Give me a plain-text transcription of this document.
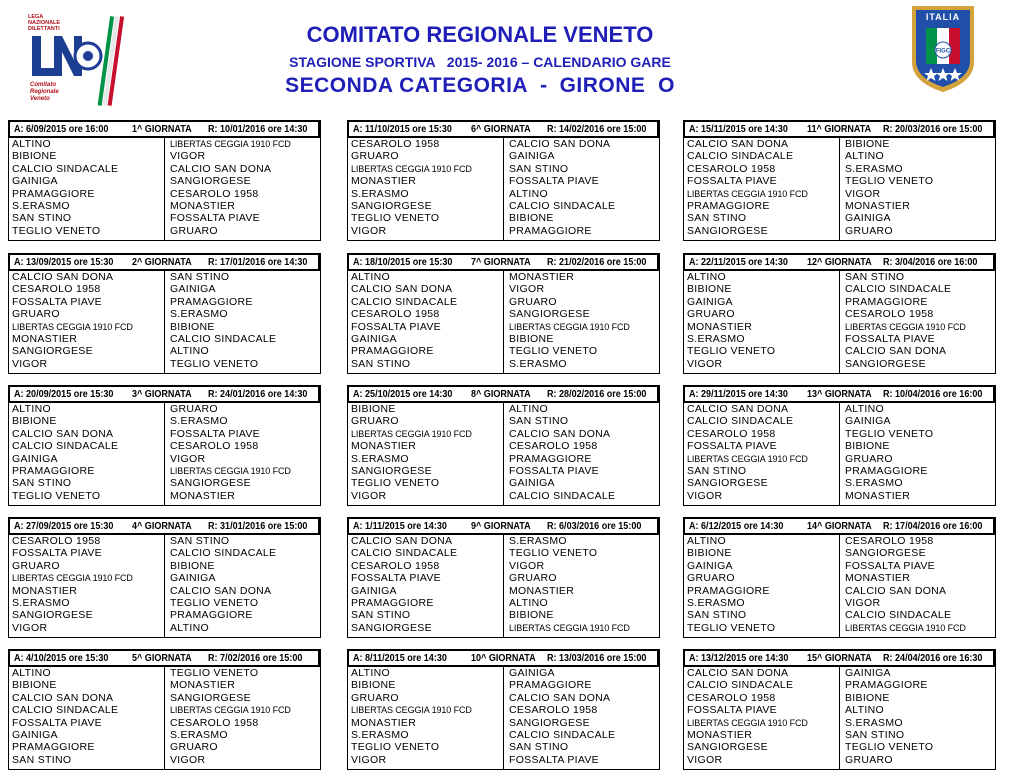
LEGA
NAZIONALE
DILETTANTI
Comitato
Regionale
Veneto
COMITATO REGIONALE VENETO
STAGIONE SPORTIVA   2015- 2016 – CALENDARIO GARE
SECONDA CATEGORIA - GIRONE  O
FIGC
ITALIA
A: 6/09/2015 ore 16:00 1^ GIORNATA R: 10/01/2016 ore 14:30
ALTINO	LIBERTAS CEGGIA 1910 FCD
BIBIONE	VIGOR
CALCIO SINDACALE	CALCIO SAN DONA
GAINIGA	SANGIORGESE
PRAMAGGIORE	CESAROLO 1958
S.ERASMO	MONASTIER
SAN STINO	FOSSALTA PIAVE
TEGLIO VENETO	GRUARO
A: 13/09/2015 ore 15:30 2^ GIORNATA R: 17/01/2016 ore 14:30
CALCIO SAN DONA	SAN STINO
CESAROLO 1958	GAINIGA
FOSSALTA PIAVE	PRAMAGGIORE
GRUARO	S.ERASMO
LIBERTAS CEGGIA 1910 FCD	BIBIONE
MONASTIER	CALCIO SINDACALE
SANGIORGESE	ALTINO
VIGOR	TEGLIO VENETO
A: 20/09/2015 ore 15:30 3^ GIORNATA R: 24/01/2016 ore 14:30
ALTINO	GRUARO
BIBIONE	S.ERASMO
CALCIO SAN DONA	FOSSALTA PIAVE
CALCIO SINDACALE	CESAROLO 1958
GAINIGA	VIGOR
PRAMAGGIORE	LIBERTAS CEGGIA 1910 FCD
SAN STINO	SANGIORGESE
TEGLIO VENETO	MONASTIER
A: 27/09/2015 ore 15:30 4^ GIORNATA R: 31/01/2016 ore 15:00
CESAROLO 1958	SAN STINO
FOSSALTA PIAVE	CALCIO SINDACALE
GRUARO	BIBIONE
LIBERTAS CEGGIA 1910 FCD	GAINIGA
MONASTIER	CALCIO SAN DONA
S.ERASMO	TEGLIO VENETO
SANGIORGESE	PRAMAGGIORE
VIGOR	ALTINO
A: 4/10/2015 ore 15:30 5^ GIORNATA R: 7/02/2016 ore 15:00
ALTINO	TEGLIO VENETO
BIBIONE	MONASTIER
CALCIO SAN DONA	SANGIORGESE
CALCIO SINDACALE	LIBERTAS CEGGIA 1910 FCD
FOSSALTA PIAVE	CESAROLO 1958
GAINIGA	S.ERASMO
PRAMAGGIORE	GRUARO
SAN STINO	VIGOR
A: 11/10/2015 ore 15:30 6^ GIORNATA R: 14/02/2016 ore 15:00
CESAROLO 1958	CALCIO SAN DONA
GRUARO	GAINIGA
LIBERTAS CEGGIA 1910 FCD	SAN STINO
MONASTIER	FOSSALTA PIAVE
S.ERASMO	ALTINO
SANGIORGESE	CALCIO SINDACALE
TEGLIO VENETO	BIBIONE
VIGOR	PRAMAGGIORE
A: 18/10/2015 ore 15:30 7^ GIORNATA R: 21/02/2016 ore 15:00
ALTINO	MONASTIER
CALCIO SAN DONA	VIGOR
CALCIO SINDACALE	GRUARO
CESAROLO 1958	SANGIORGESE
FOSSALTA PIAVE	LIBERTAS CEGGIA 1910 FCD
GAINIGA	BIBIONE
PRAMAGGIORE	TEGLIO VENETO
SAN STINO	S.ERASMO
A: 25/10/2015 ore 14:30 8^ GIORNATA R: 28/02/2016 ore 15:00
BIBIONE	ALTINO
GRUARO	SAN STINO
LIBERTAS CEGGIA 1910 FCD	CALCIO SAN DONA
MONASTIER	CESAROLO 1958
S.ERASMO	PRAMAGGIORE
SANGIORGESE	FOSSALTA PIAVE
TEGLIO VENETO	GAINIGA
VIGOR	CALCIO SINDACALE
A: 1/11/2015 ore 14:30 9^ GIORNATA R: 6/03/2016 ore 15:00
CALCIO SAN DONA	S.ERASMO
CALCIO SINDACALE	TEGLIO VENETO
CESAROLO 1958	VIGOR
FOSSALTA PIAVE	GRUARO
GAINIGA	MONASTIER
PRAMAGGIORE	ALTINO
SAN STINO	BIBIONE
SANGIORGESE	LIBERTAS CEGGIA 1910 FCD
A: 8/11/2015 ore 14:30 10^ GIORNATA R: 13/03/2016 ore 15:00
ALTINO	GAINIGA
BIBIONE	PRAMAGGIORE
GRUARO	CALCIO SAN DONA
LIBERTAS CEGGIA 1910 FCD	CESAROLO 1958
MONASTIER	SANGIORGESE
S.ERASMO	CALCIO SINDACALE
TEGLIO VENETO	SAN STINO
VIGOR	FOSSALTA PIAVE
A: 15/11/2015 ore 14:30 11^ GIORNATA R: 20/03/2016 ore 15:00
CALCIO SAN DONA	BIBIONE
CALCIO SINDACALE	ALTINO
CESAROLO 1958	S.ERASMO
FOSSALTA PIAVE	TEGLIO VENETO
LIBERTAS CEGGIA 1910 FCD	VIGOR
PRAMAGGIORE	MONASTIER
SAN STINO	GAINIGA
SANGIORGESE	GRUARO
A: 22/11/2015 ore 14:30 12^ GIORNATA R: 3/04/2016 ore 16:00
ALTINO	SAN STINO
BIBIONE	CALCIO SINDACALE
GAINIGA	PRAMAGGIORE
GRUARO	CESAROLO 1958
MONASTIER	LIBERTAS CEGGIA 1910 FCD
S.ERASMO	FOSSALTA PIAVE
TEGLIO VENETO	CALCIO SAN DONA
VIGOR	SANGIORGESE
A: 29/11/2015 ore 14:30 13^ GIORNATA R: 10/04/2016 ore 16:00
CALCIO SAN DONA	ALTINO
CALCIO SINDACALE	GAINIGA
CESAROLO 1958	TEGLIO VENETO
FOSSALTA PIAVE	BIBIONE
LIBERTAS CEGGIA 1910 FCD	GRUARO
SAN STINO	PRAMAGGIORE
SANGIORGESE	S.ERASMO
VIGOR	MONASTIER
A: 6/12/2015 ore 14:30 14^ GIORNATA R: 17/04/2016 ore 16:00
ALTINO	CESAROLO 1958
BIBIONE	SANGIORGESE
GAINIGA	FOSSALTA PIAVE
GRUARO	MONASTIER
PRAMAGGIORE	CALCIO SAN DONA
S.ERASMO	VIGOR
SAN STINO	CALCIO SINDACALE
TEGLIO VENETO	LIBERTAS CEGGIA 1910 FCD
A: 13/12/2015 ore 14:30 15^ GIORNATA R: 24/04/2016 ore 16:30
CALCIO SAN DONA	GAINIGA
CALCIO SINDACALE	PRAMAGGIORE
CESAROLO 1958	BIBIONE
FOSSALTA PIAVE	ALTINO
LIBERTAS CEGGIA 1910 FCD	S.ERASMO
MONASTIER	SAN STINO
SANGIORGESE	TEGLIO VENETO
VIGOR	GRUARO
